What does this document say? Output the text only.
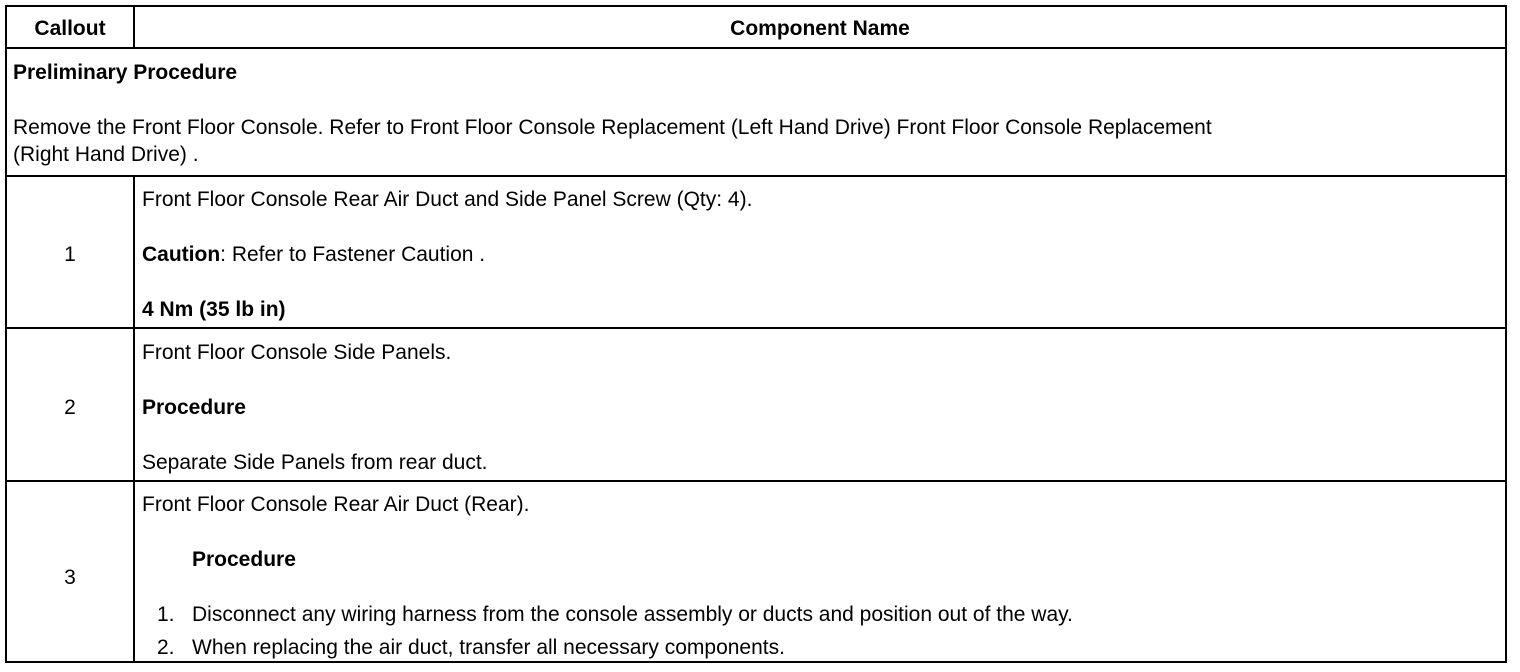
Callout	Component Name
Preliminary Procedure
Remove the Front Floor Console. Refer to Front Floor Console Replacement (Left Hand Drive) Front Floor Console Replacement
(Right Hand Drive) .
1
Front Floor Console Rear Air Duct and Side Panel Screw (Qty: 4).
Caution: Refer to Fastener Caution .
4 Nm (35 lb in)
2
Front Floor Console Side Panels.
Procedure
Separate Side Panels from rear duct.
3
Front Floor Console Rear Air Duct (Rear).
Procedure
1. Disconnect any wiring harness from the console assembly or ducts and position out of the way.
2. When replacing the air duct, transfer all necessary components.
